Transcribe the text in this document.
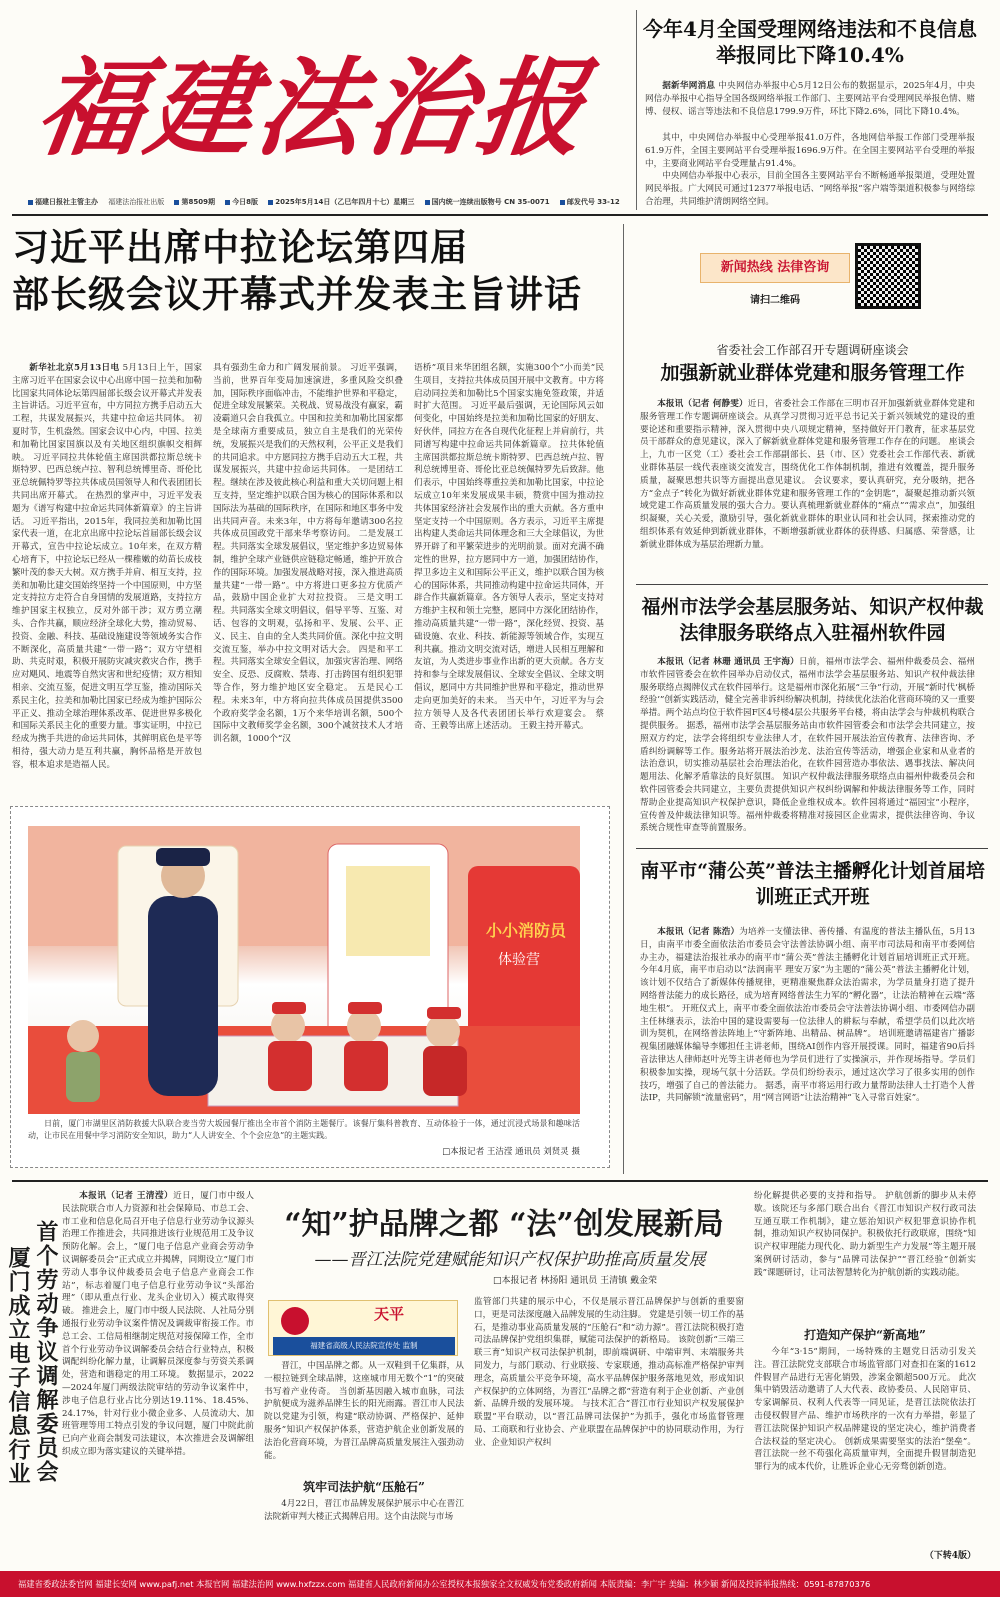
福建法治报
福建日报社主管主办 福建法治报社出版 第8509期 今日8版 2025年5月14日（乙巳年四月十七）星期三 国内统一连续出版物号 CN 35-0071 邮发代号 33-12
今年4月全国受理网络违法和不良信息举报同比下降10.4%

据新华网消息 中央网信办举报中心5月12日公布的数据显示，2025年4月，中央网信办举报中心指导全国各级网络举报工作部门、主要网站平台受理网民举报色情、赌博、侵权、谣言等违法和不良信息1799.9万件，环比下降2.6%，同比下降10.4%。

其中，中央网信办举报中心受理举报41.0万件，各地网信举报工作部门受理举报61.9万件，全国主要网站平台受理举报1696.9万件。在全国主要网站平台受理的举报中，主要商业网站平台受理量占91.4%。

中央网信办举报中心表示，目前全国各主要网站平台不断畅通举报渠道，受理处置网民举报。广大网民可通过12377举报电话、“网络举报”客户端等渠道积极参与网络综合治理，共同维护清朗网络空间。

习近平出席中拉论坛第四届
部长级会议开幕式并发表主旨讲话

新华社北京5月13日电 5月13日上午，国家主席习近平在国家会议中心出席中国－拉美和加勒比国家共同体论坛第四届部长级会议开幕式并发表主旨讲话。习近平宣布，中方同拉方携手启动五大工程，共谋发展振兴，共建中拉命运共同体。 初夏时节，生机盎然。国家会议中心内，中国、拉美和加勒比国家国旗以及有关地区组织旗帜交相辉映。 习近平同拉共体轮值主席国洪都拉斯总统卡斯特罗、巴西总统卢拉、智利总统博里奇、哥伦比亚总统佩特罗等拉共体成员国领导人和代表团团长共同出席开幕式。 在热烈的掌声中，习近平发表题为《谱写构建中拉命运共同体新篇章》的主旨讲话。 习近平指出，2015年，我同拉美和加勒比国家代表一道，在北京出席中拉论坛首届部长级会议开幕式，宣告中拉论坛成立。10年来，在双方精心培育下，中拉论坛已经从一棵稚嫩的幼苗长成枝繁叶茂的参天大树。双方携手并肩、相互支持，拉美和加勒比建交国始终坚持一个中国原则，中方坚定支持拉方走符合自身国情的发展道路，支持拉方维护国家主权独立，反对外部干涉；双方勇立潮头、合作共赢，顺应经济全球化大势，推动贸易、投资、金融、科技、基础设施建设等领域务实合作不断深化，高质量共建“一带一路”；双方守望相助、共克时艰，积极开展防灾减灾救灾合作，携手应对飓风、地震等自然灾害和世纪疫情；双方相知相亲、交流互鉴，促进文明互学互鉴，推动国际关系民主化，拉美和加勒比国家已经成为维护国际公平正义、推动全球治理体系改革、促进世界多极化和国际关系民主化的重要力量。事实证明，中拉已经成为携手共进的命运共同体，其鲜明底色是平等相待，强大动力是互利共赢，胸怀品格是开放包容，根本追求是造福人民。

具有强劲生命力和广阔发展前景。 习近平强调，当前，世界百年变局加速演进，多重风险交织叠加，国际秩序面临冲击，不能维护世界和平稳定，促进全球发展繁荣。关税战、贸易战没有赢家，霸凌霸道只会自我孤立。中国和拉美和加勒比国家都是全球南方重要成员，独立自主是我们的光荣传统，发展振兴是我们的天然权利，公平正义是我们的共同追求。中方愿同拉方携手启动五大工程，共谋发展振兴，共建中拉命运共同体。 一是团结工程。继续在涉及彼此核心利益和重大关切问题上相互支持，坚定维护以联合国为核心的国际体系和以国际法为基础的国际秩序，在国际和地区事务中发出共同声音。未来3年，中方将每年邀请300名拉共体成员国政党干部来华考察访问。 二是发展工程。共同落实全球发展倡议，坚定维护多边贸易体制，维护全球产业链供应链稳定畅通，维护开放合作的国际环境。加强发展战略对接，深入推进高质量共建“一带一路”。中方将进口更多拉方优质产品，鼓励中国企业扩大对拉投资。 三是文明工程。共同落实全球文明倡议，倡导平等、互鉴、对话、包容的文明观，弘扬和平、发展、公平、正义、民主、自由的全人类共同价值。深化中拉文明交流互鉴，举办中拉文明对话大会。 四是和平工程。共同落实全球安全倡议，加强灾害治理、网络安全、反恐、反腐败、禁毒、打击跨国有组织犯罪等合作，努力维护地区安全稳定。 五是民心工程。未来3年，中方将向拉共体成员国提供3500个政府奖学金名额，1万个来华培训名额，500个国际中文教师奖学金名额，300个减贫技术人才培训名额，1000个“汉

语桥”项目来华团组名额，实施300个“小而美”民生项目，支持拉共体成员国开展中文教育。中方将启动同拉美和加勒比5个国家实施免签政策，并适时扩大范围。 习近平最后强调，无论国际风云如何变化，中国始终是拉美和加勒比国家的好朋友、好伙伴，同拉方在各自现代化征程上并肩前行，共同谱写构建中拉命运共同体新篇章。 拉共体轮值主席国洪都拉斯总统卡斯特罗、巴西总统卢拉、智利总统博里奇、哥伦比亚总统佩特罗先后致辞。他们表示，中国始终尊重拉美和加勒比国家，中拉论坛成立10年来发展成果丰硕，赞赏中国为推动拉共体国家经济社会发展作出的重大贡献。各方重申坚定支持一个中国原则。各方表示，习近平主席提出构建人类命运共同体理念和三大全球倡议，为世界开辟了和平繁荣进步的光明前景。面对充满不确定性的世界，拉方愿同中方一道，加强团结协作，捍卫多边主义和国际公平正义，维护以联合国为核心的国际体系，共同推动构建中拉命运共同体，开辟合作共赢新篇章。各方领导人表示，坚定支持对方维护主权和领土完整，愿同中方深化团结协作，推动高质量共建“一带一路”，深化经贸、投资、基础设施、农业、科技、新能源等领域合作，实现互利共赢。推动文明交流对话，增进人民相互理解和友谊，为人类进步事业作出新的更大贡献。各方支持和参与全球发展倡议、全球安全倡议、全球文明倡议，愿同中方共同维护世界和平稳定，推动世界走向更加美好的未来。 当天中午，习近平为与会拉方领导人及各代表团团长举行欢迎宴会。 蔡奇、王毅等出席上述活动。 王毅主持开幕式。

新闻热线 法律咨询
请扫二维码
省委社会工作部召开专题调研座谈会
加强新就业群体党建和服务管理工作

本报讯（记者 何静雯）近日，省委社会工作部在三明市召开加强新就业群体党建和服务管理工作专题调研座谈会。从真学习贯彻习近平总书记关于新兴领域党的建设的重要论述和重要指示精神，深入贯彻中央八项规定精神，坚持做好开门教育，征求基层党员干部群众的意见建议，深入了解新就业群体党建和服务管理工作存在的问题。 座谈会上，九市一区党（工）委社会工作部副部长、县（市、区）党委社会工作部代表、新就业群体基层一线代表座谈交流发言，围绕优化工作体制机制，推进有效覆盖，提升服务质量，凝聚思想共识等方面提出意见建议。 会议要求，要认真研究，充分吸纳，把各方“金点子”转化为做好新就业群体党建和服务管理工作的“金钥匙”，凝聚起推动新兴领域党建工作高质量发展的强大合力。要认真梳理新就业群体的“痛点”“需求点”，加强组织凝聚，关心关爱，激励引导，强化新就业群体的职业认同和社会认同，探索推动党的组织体系有效延伸到新就业群体，不断增强新就业群体的获得感、归属感、荣誉感，让新就业群体成为基层治理新力量。

福州市法学会基层服务站、知识产权仲裁法律服务联络点入驻福州软件园

本报讯（记者 林珊 通讯员 王宇海）日前，福州市法学会、福州仲裁委员会、福州市软件园管委会在软件园举办启动仪式，福州市法学会基层服务站、知识产权仲裁法律服务联络点揭牌仪式在软件园举行。这是福州市深化拓展“三争”行动，开展“新时代‘枫桥经验’”创新实践活动，健全完善非诉纠纷解决机制，持续优化法治化营商环境的又一重要举措。两个站点均位于软件园F区4号楼4层公共服务平台楼，将由法学会与仲裁机构联合提供服务。 据悉，福州市法学会基层服务站由市软件园管委会和市法学会共同建立，按照双方约定，法学会将组织专业法律人才，在软件园开展法治宣传教育、法律咨询、矛盾纠纷调解等工作。服务站将开展法治沙龙、法治宣传等活动，增强企业家和从业者的法治意识，切实推动基层社会治理法治化，在软件园营造办事依法、遇事找法、解决问题用法、化解矛盾靠法的良好氛围。 知识产权仲裁法律服务联络点由福州仲裁委员会和软件园管委会共同建立，主要负责提供知识产权纠纷调解和仲裁法律服务等工作，同时帮助企业提高知识产权保护意识，降低企业维权成本。软件园将通过“福园宝”小程序，宣传普及仲裁法律知识等。福州仲裁委将精准对接园区企业需求，提供法律咨询、争议系统合规性审查等前置服务。

南平市“蒲公英”普法主播孵化计划首届培训班正式开班

本报讯（记者 陈浩）为培养一支懂法律、善传播、有温度的普法主播队伍，5月13日，由南平市委全面依法治市委员会守法普法协调小组、南平市司法局和南平市委网信办主办，福建法治报社承办的南平市“蒲公英”普法主播孵化计划首届培训班正式开班。 今年4月底，南平市启动以“法润南平 理安万家”为主题的“蒲公英”普法主播孵化计划，该计划不仅结合了新媒体传播规律，更精准聚焦群众法治需求，为学员量身打造了提升网络普法能力的成长路径，成为培育网络普法生力军的“孵化器”，让法治精神在云端“落地生根”。 开班仪式上，南平市委全面依法治市委员会守法普法协调小组、市委网信办副主任林继表示，法治中国的建设需要每一位法律人的耕耘与奉献，希望学员们以此次培训为契机，在网络普法阵地上“守新阵地、出精品、树品牌”。 培训班邀请福建省广播影视集团融媒体编导李娜担任主讲老师，围绕AI创作内容开展授课。同时，福建省90后抖音法律达人律师赵叶光等主讲老师也为学员们进行了实操演示，并作现场指导。学员们积极参加实操，现场气氛十分活跃。学员们纷纷表示，通过这次学习了很多实用的创作技巧，增强了自己的普法能力。 据悉，南平市将运用行政力量帮助法律人士打造个人普法IP，共同解锁“流量密码”，用“网言网语”让法治精神“飞入寻常百姓家”。

小小消防员
体验营
日前，厦门市湖里区消防救援大队联合麦当劳大坂园餐厅推出全市首个消防主题餐厅。该餐厅集科普教育、互动体验于一体，通过沉浸式场景和趣味活动，让市民在用餐中学习消防安全知识，助力“人人讲安全、个个会应急”的主题实践。
□本报记者 王洁滢 通讯员 刘贤灵 摄
首个劳动争议调解委员会
厦门成立电子信息行业

本报讯（记者 王清滢）近日，厦门市中级人民法院联合市人力资源和社会保障局、市总工会、市工业和信息化局召开电子信息行业劳动争议源头治理工作推进会，共同推进该行业规范用工及争议预防化解。会上，“厦门电子信息产业商会劳动争议调解委员会”正式成立并揭牌，同期设立“厦门市劳动人事争议仲裁委员会电子信息产业商会工作站”，标志着厦门电子信息行业劳动争议“头部治理”（即从重点行业、龙头企业切入）模式取得突破。 推进会上，厦门市中级人民法院、人社局分别通报行业劳动争议案件情况及调裁审衔接工作。市总工会、工信局相继制定规范对接保障工作，全市首个行业劳动争议调解委员会结合行业特点，积极调配纠纷化解力量，让调解员深度参与劳资关系调处，营造和谐稳定的用工环境。 数据显示，2022—2024年厦门两级法院审结的劳动争议案件中，涉电子信息行业占比分别达19.11%、18.45%、24.17%，针对行业小微企业多、人员流动大、加班管理等用工特点引发的争议问题，厦门中院此前已向产业商会制发司法建议，本次推进会及调解组织成立即为落实建议的关键举措。

“知”护品牌之都 “法”创发展新局
——晋江法院党建赋能知识产权保护助推高质量发展
□本报记者 林扬阳 通讯员 王清镇 戴金荣
天平
福建省高级人民法院宣传处 监制

晋江，中国品牌之都。从一双鞋到千亿集群，从一根拉链到全球品牌，这座城市用无数个“1”的突破书写着产业传奇。 当创新基因融入城市血脉，司法护航便成为滋养品牌生长的阳光雨露。晋江市人民法院以党建为引领，构建“联动协调、严格保护、延伸服务”知识产权保护体系，营造护航企业创新发展的法治化营商环境，为晋江品牌高质量发展注入强劲动能。

筑牢司法护航“压舱石”

4月22日，晋江市品牌发展保护展示中心在晋江法院新审判大楼正式揭牌启用。这个由法院与市场

监管部门共建的展示中心，不仅是展示晋江品牌保护与创新的重要窗口，更是司法深度融入品牌发展的生动注脚。 党建是引领一切工作的基石，是推动事业高质量发展的“压舱石”和“动力源”。晋江法院积极打造司法品牌保护党组织集群，赋能司法保护的新格局。 该院创新“三端三联三育”知识产权司法保护机制，即前端调研、中端审判、末端服务共同发力，与部门联动、行业联接、专家联通，推动高标准严格保护审判理念，高质量公平竞争环境，高水平品牌保护服务落地见效，形成知识产权保护的立体网络，为晋江“品牌之都”营造有利于企业创新、产业创新、品牌升级的发展环境。 与技术汇合“晋江市行业知识产权发展保护联盟”平台联动，以“晋江品牌司法保护”为抓手，强化市场监督管理局、工商联和行业协会、产业联盟在品牌保护中的协同联动作用，为行业、企业知识产权纠

纷化解提供必要的支持和指导。 护航创新的脚步从未停歇。该院还与多部门联合出台《晋江市知识产权行政司法互通互联工作机制》，建立惩治知识产权犯罪意识协作机制，推动知识产权协同保护。积极依托行政联席，围绕“知识产权审理能力现代化、助力新型生产力发展”等主题开展案例研讨活动，参与“品牌司法保护”“晋江经验”创新实践”课题研讨，让司法智慧转化为护航创新的实践动能。

打造知产保护“新高地”

今年“3·15”期间，一场特殊的主题党日活动引发关注。晋江法院党支部联合市场监管部门对查扣在案的1612件假冒产品进行无害化销毁，涉案金额超500万元。 此次集中销毁活动邀请了人大代表、政协委员、人民陪审员、专家调解员、权利人代表等一同见证，是晋江法院依法打击侵权假冒产品、维护市场秩序的一次有力举措，彰显了晋江法院保护知识产权品牌建设的坚定决心，维护消费者合法权益的坚定决心。 创新成果需要坚实的法治“堡垒”。晋江法院一丝不苟强化高质量审判，全面提升假冒制造犯罪行为的成本代价，让胜诉企业心无旁骛创新创造。

（下转4版）
福建省委政法委官网 福建长安网 www.pafj.net 本报官网 福建法治网 www.hxfzzx.com 福建省人民政府新闻办公室授权本报独家全文权威发布党委政府新闻 本版责编：李广宇 美编：林少颖 新闻及投诉举报热线：0591-87870376
